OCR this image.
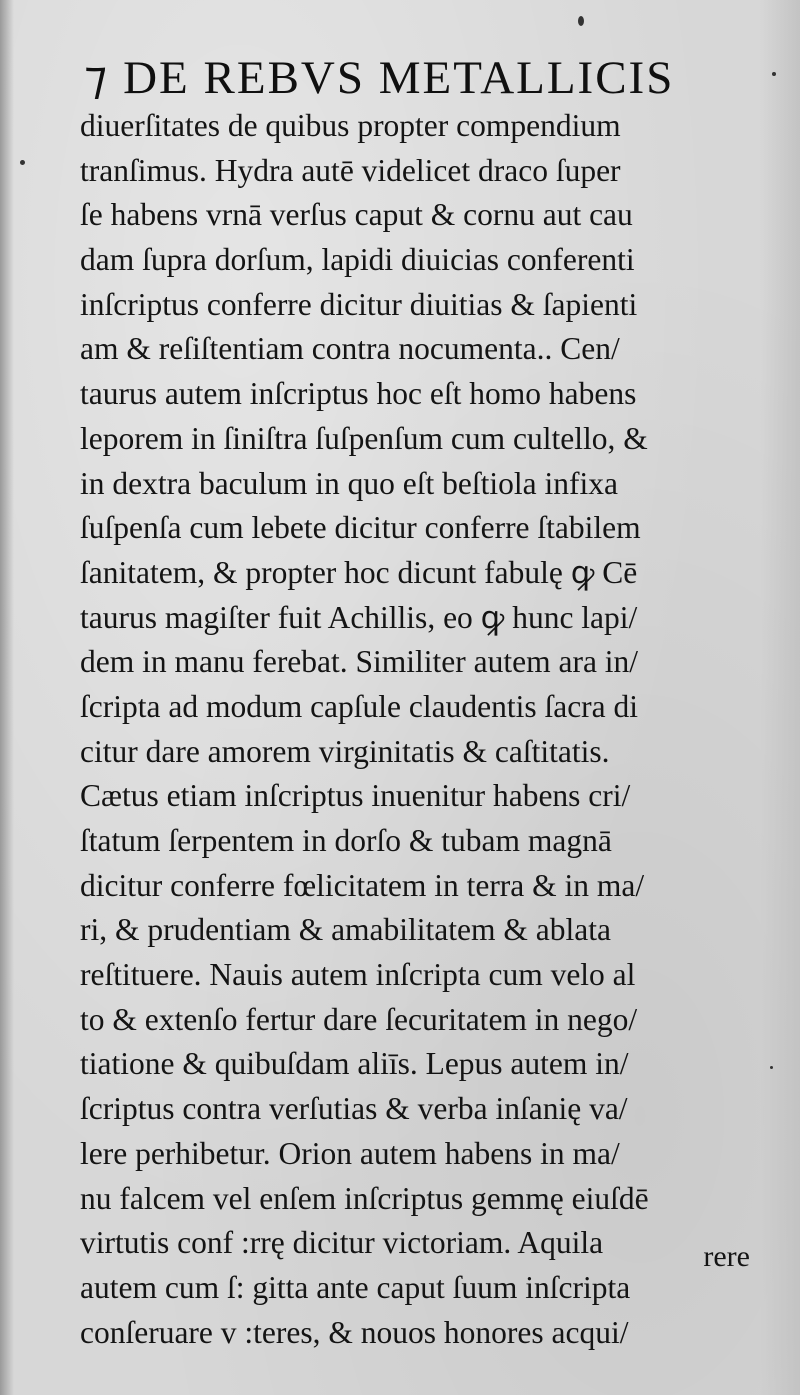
⁊ DE REBVS METALLICIS
diuerſitates de quibus propter compendium
tranſimus. Hydra autē videlicet draco ſuper
ſe habens vrnā verſus caput & cornu aut cau
dam ſupra dorſum, lapidi diuicias conferenti
inſcriptus conferre dicitur diuitias & ſapienti
am & reſiſtentiam contra nocumenta.. Cen/
taurus autem inſcriptus hoc eſt homo habens
leporem in ſiniſtra ſuſpenſum cum cultello, &
in dextra baculum in quo eſt beſtiola infixa
ſuſpenſa cum lebete dicitur conferre ſtabilem
ſanitatem, & propter hoc dicunt fabulę ꝙ Cē
taurus magiſter fuit Achillis, eo ꝙ hunc lapi/
dem in manu ferebat. Similiter autem ara in/
ſcripta ad modum capſule claudentis ſacra di
citur dare amorem virginitatis & caſtitatis.
Cætus etiam inſcriptus inuenitur habens cri/
ſtatum ſerpentem in dorſo & tubam magnā
dicitur conferre fœlicitatem in terra & in ma/
ri, & prudentiam & amabilitatem & ablata
reſtituere. Nauis autem inſcripta cum velo al
to & extenſo fertur dare ſecuritatem in nego/
tiatione & quibuſdam aliīs. Lepus autem in/
ſcriptus contra verſutias & verba inſanię va/
lere perhibetur. Orion autem habens in ma/
nu falcem vel enſem inſcriptus gemmę eiuſdē
virtutis conf :rrę dicitur victoriam. Aquila
autem cum ſ: gitta ante caput ſuum inſcripta
conſeruare v :teres, & nouos honores acqui/
rere
